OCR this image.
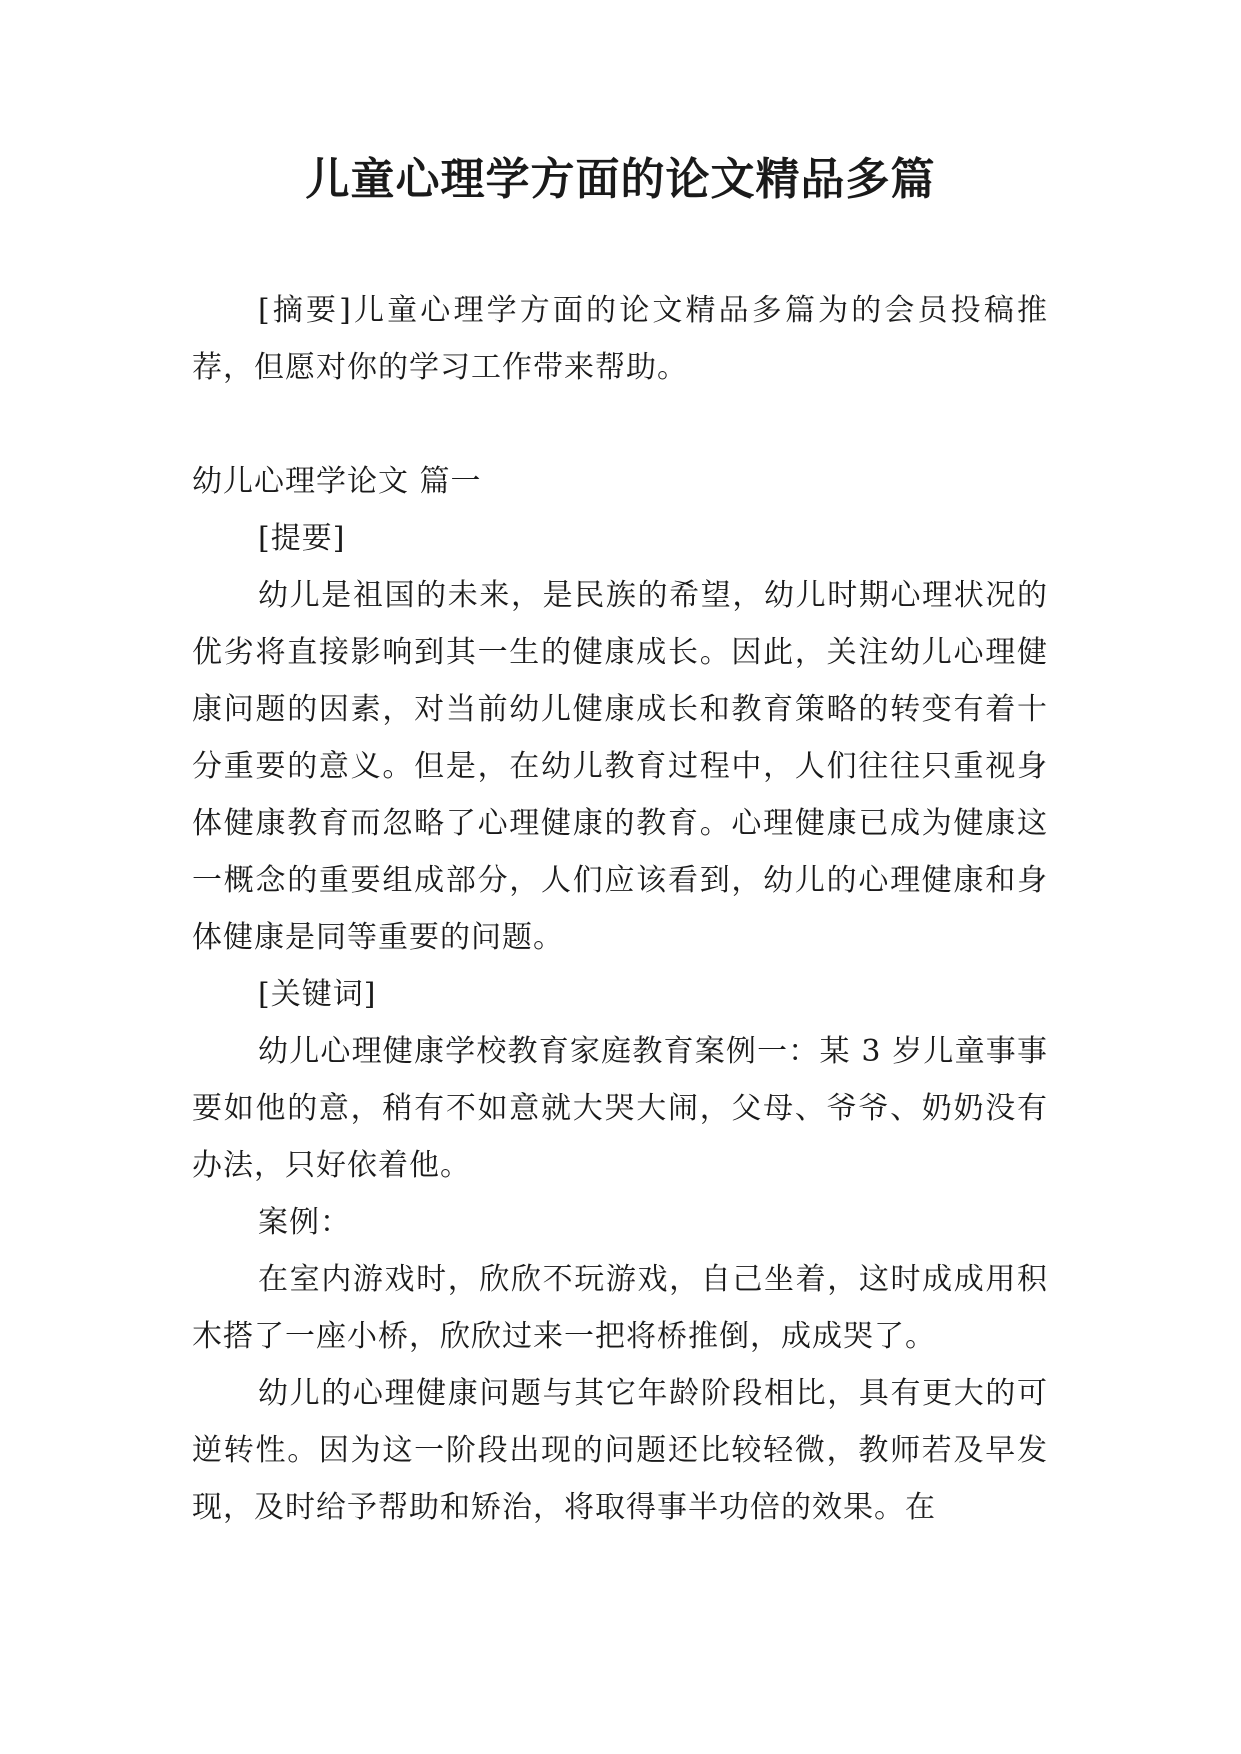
儿童心理学方面的论文精品多篇

[摘要]儿童心理学方面的论文精品多篇为的会员投稿推荐，但愿对你的学习工作带来帮助。

幼儿心理学论文 篇一

[提要]

幼儿是祖国的未来，是民族的希望，幼儿时期心理状况的优劣将直接影响到其一生的健康成长。因此，关注幼儿心理健康问题的因素，对当前幼儿健康成长和教育策略的转变有着十分重要的意义。但是，在幼儿教育过程中，人们往往只重视身体健康教育而忽略了心理健康的教育。心理健康已成为健康这一概念的重要组成部分，人们应该看到，幼儿的心理健康和身体健康是同等重要的问题。

[关键词]

幼儿心理健康学校教育家庭教育案例一：某 3 岁儿童事事要如他的意，稍有不如意就大哭大闹，父母、爷爷、奶奶没有办法，只好依着他。

案例：

在室内游戏时，欣欣不玩游戏，自己坐着，这时成成用积木搭了一座小桥，欣欣过来一把将桥推倒，成成哭了。

幼儿的心理健康问题与其它年龄阶段相比，具有更大的可逆转性。因为这一阶段出现的问题还比较轻微，教师若及早发现，及时给予帮助和矫治，将取得事半功倍的效果。在
